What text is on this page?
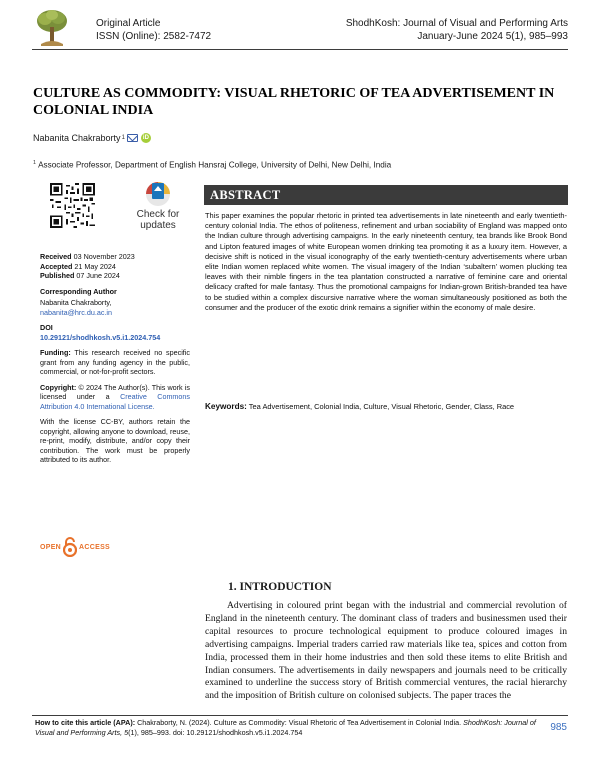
Original Article
ISSN (Online): 2582-7472
ShodhKosh: Journal of Visual and Performing Arts
January-June 2024 5(1), 985–993
CULTURE AS COMMODITY: VISUAL RHETORIC OF TEA ADVERTISEMENT IN COLONIAL INDIA
Nabanita Chakraborty 1	iD
$^1$ Associate Professor, Department of English Hansraj College, University of Delhi, New Delhi, India
Check for
updates
Received 03 November 2023
Accepted 21 May 2024
Published 07 June 2024
Corresponding Author
Nabanita Chakraborty,
nabanita@hrc.du.ac.in
DOI
10.29121/shodhkosh.v5.i1.2024.754

Funding: This research received no specific grant from any funding agency in the public, commercial, or not-for-profit sectors.

Copyright: © 2024 The Author(s). This work is licensed under a Creative Commons Attribution 4.0 International License.

With the license CC-BY, authors retain the copyright, allowing anyone to download, reuse, re-print, modify, distribute, and/or copy their contribution. The work must be properly attributed to its author.

OPEN	ACCESS
ABSTRACT
This paper examines the popular rhetoric in printed tea advertisements in late nineteenth and early twentieth-century colonial India. The ethos of politeness, refinement and urban sociability of England was mapped onto the Indian culture through advertising campaigns. In the early nineteenth century, tea brands like Brook Bond and Lipton featured images of white European women drinking tea promoting it as a luxury item. However, a decisive shift is noticed in the visual iconography of the early twentieth-century advertisements where urban elite Indian women replaced white women. The visual imagery of the Indian ‘subaltern’ women plucking tea leaves with their nimble fingers in the tea plantation constructed a narrative of feminine care and oriental delicacy crafted for male fantasy. Thus the promotional campaigns for Indian-grown British-branded tea have to be studied within a complex discursive narrative where the woman simultaneously positioned as both the consumer and the producer of the exotic drink remains a signifier within the economy of male desire.
Keywords: Tea Advertisement, Colonial India, Culture, Visual Rhetoric, Gender, Class, Race
1. INTRODUCTION
Advertising in coloured print began with the industrial and commercial revolution of England in the nineteenth century. The dominant class of traders and businessmen used their capital resources to procure technological equipment to produce coloured images in advertising campaigns. Imperial traders carried raw materials like tea, spices and cotton from India, processed them in their home industries and then sold these items to elite British and Indian consumers. The advertisements in daily newspapers and journals need to be critically examined to underline the success story of British commercial ventures, the racial hierarchy and the imposition of British culture on colonised subjects. The paper traces the
How to cite this article (APA): Chakraborty, N. (2024). Culture as Commodity: Visual Rhetoric of Tea Advertisement in Colonial India. ShodhKosh: Journal of Visual and Performing Arts, 5(1), 985–993. doi: 10.29121/shodhkosh.v5.i1.2024.754	985
